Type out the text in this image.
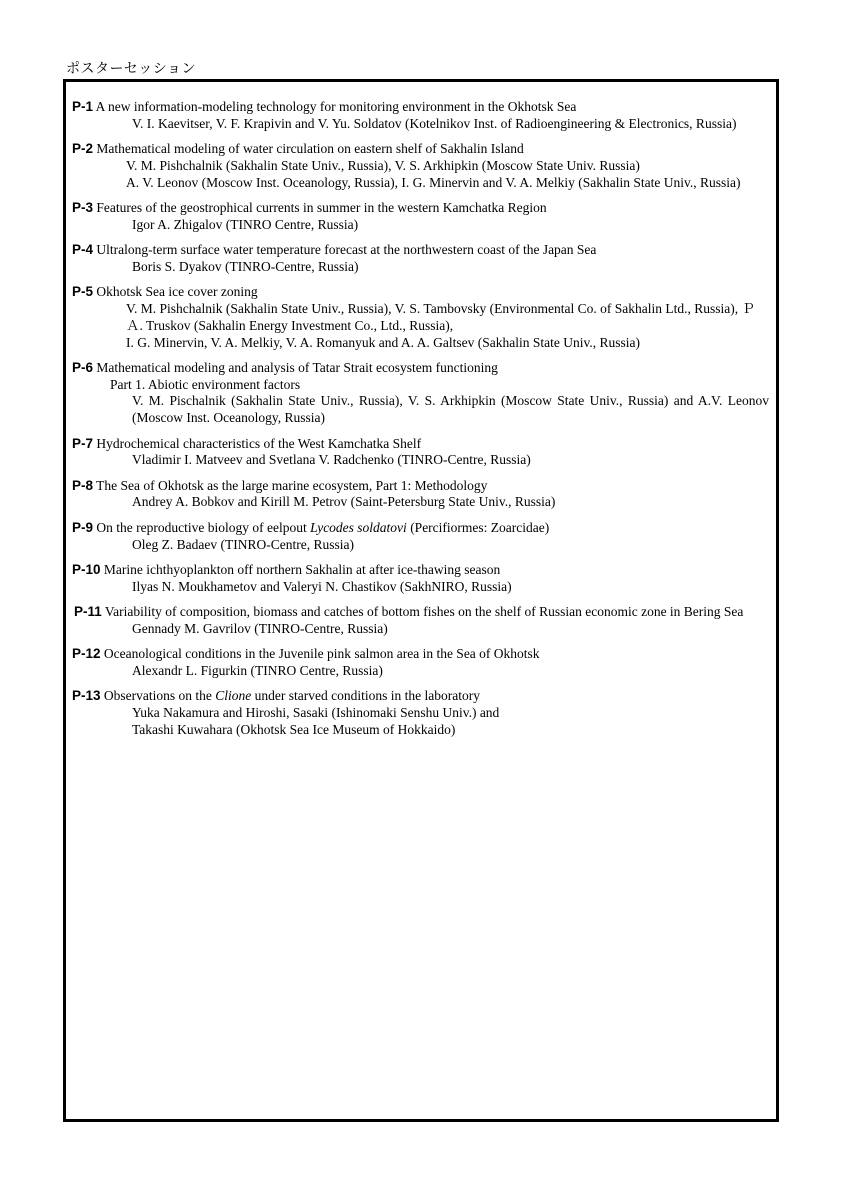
ポスターセッション
P-1 A new information-modeling technology for monitoring environment in the Okhotsk Sea
V. I. Kaevitser, V. F. Krapivin and V. Yu. Soldatov (Kotelnikov Inst. of Radioengineering & Electronics, Russia)
P-2 Mathematical modeling of water circulation on eastern shelf of Sakhalin Island
V. M. Pishchalnik (Sakhalin State Univ., Russia), V. S. Arkhipkin (Moscow State Univ. Russia)
A. V. Leonov (Moscow Inst. Oceanology, Russia), I. G. Minervin and V. A. Melkiy (Sakhalin State Univ., Russia)
P-3 Features of the geostrophical currents in summer in the western Kamchatka Region
Igor A. Zhigalov (TINRO Centre, Russia)
P-4 Ultralong-term surface water temperature forecast at the northwestern coast of the Japan Sea
Boris S. Dyakov (TINRO-Centre, Russia)
P-5 Okhotsk Sea ice cover zoning
V. M. Pishchalnik (Sakhalin State Univ., Russia), V. S. Tambovsky (Environmental Co. of Sakhalin Ltd., Russia), ＰＡ. Truskov (Sakhalin Energy Investment Co., Ltd., Russia),
I. G. Minervin, V. A. Melkiy, V. A. Romanyuk and A. A. Galtsev (Sakhalin State Univ., Russia)
P-6 Mathematical modeling and analysis of Tatar Strait ecosystem functioning
Part 1. Abiotic environment factors
V. M. Pischalnik (Sakhalin State Univ., Russia), V. S. Arkhipkin (Moscow State Univ., Russia) and A.V. Leonov (Moscow Inst. Oceanology, Russia)
P-7 Hydrochemical characteristics of the West Kamchatka Shelf
Vladimir I. Matveev and Svetlana V. Radchenko (TINRO-Centre, Russia)
P-8 The Sea of Okhotsk as the large marine ecosystem, Part 1: Methodology
Andrey A. Bobkov and Kirill M. Petrov (Saint-Petersburg State Univ., Russia)
P-9 On the reproductive biology of eelpout Lycodes soldatovi (Percifiormes: Zoarcidae)
Oleg Z. Badaev (TINRO-Centre, Russia)
P-10 Marine ichthyoplankton off northern Sakhalin at after ice-thawing season
Ilyas N. Moukhametov and Valeryi N. Chastikov (SakhNIRO, Russia)
P-11 Variability of composition, biomass and catches of bottom fishes on the shelf of Russian economic zone in Bering Sea
Gennady M. Gavrilov (TINRO-Centre, Russia)
P-12 Oceanological conditions in the Juvenile pink salmon area in the Sea of Okhotsk
Alexandr L. Figurkin (TINRO Centre, Russia)
P-13 Observations on the Clione under starved conditions in the laboratory
Yuka Nakamura and Hiroshi, Sasaki (Ishinomaki Senshu Univ.) and
Takashi Kuwahara (Okhotsk Sea Ice Museum of Hokkaido)
